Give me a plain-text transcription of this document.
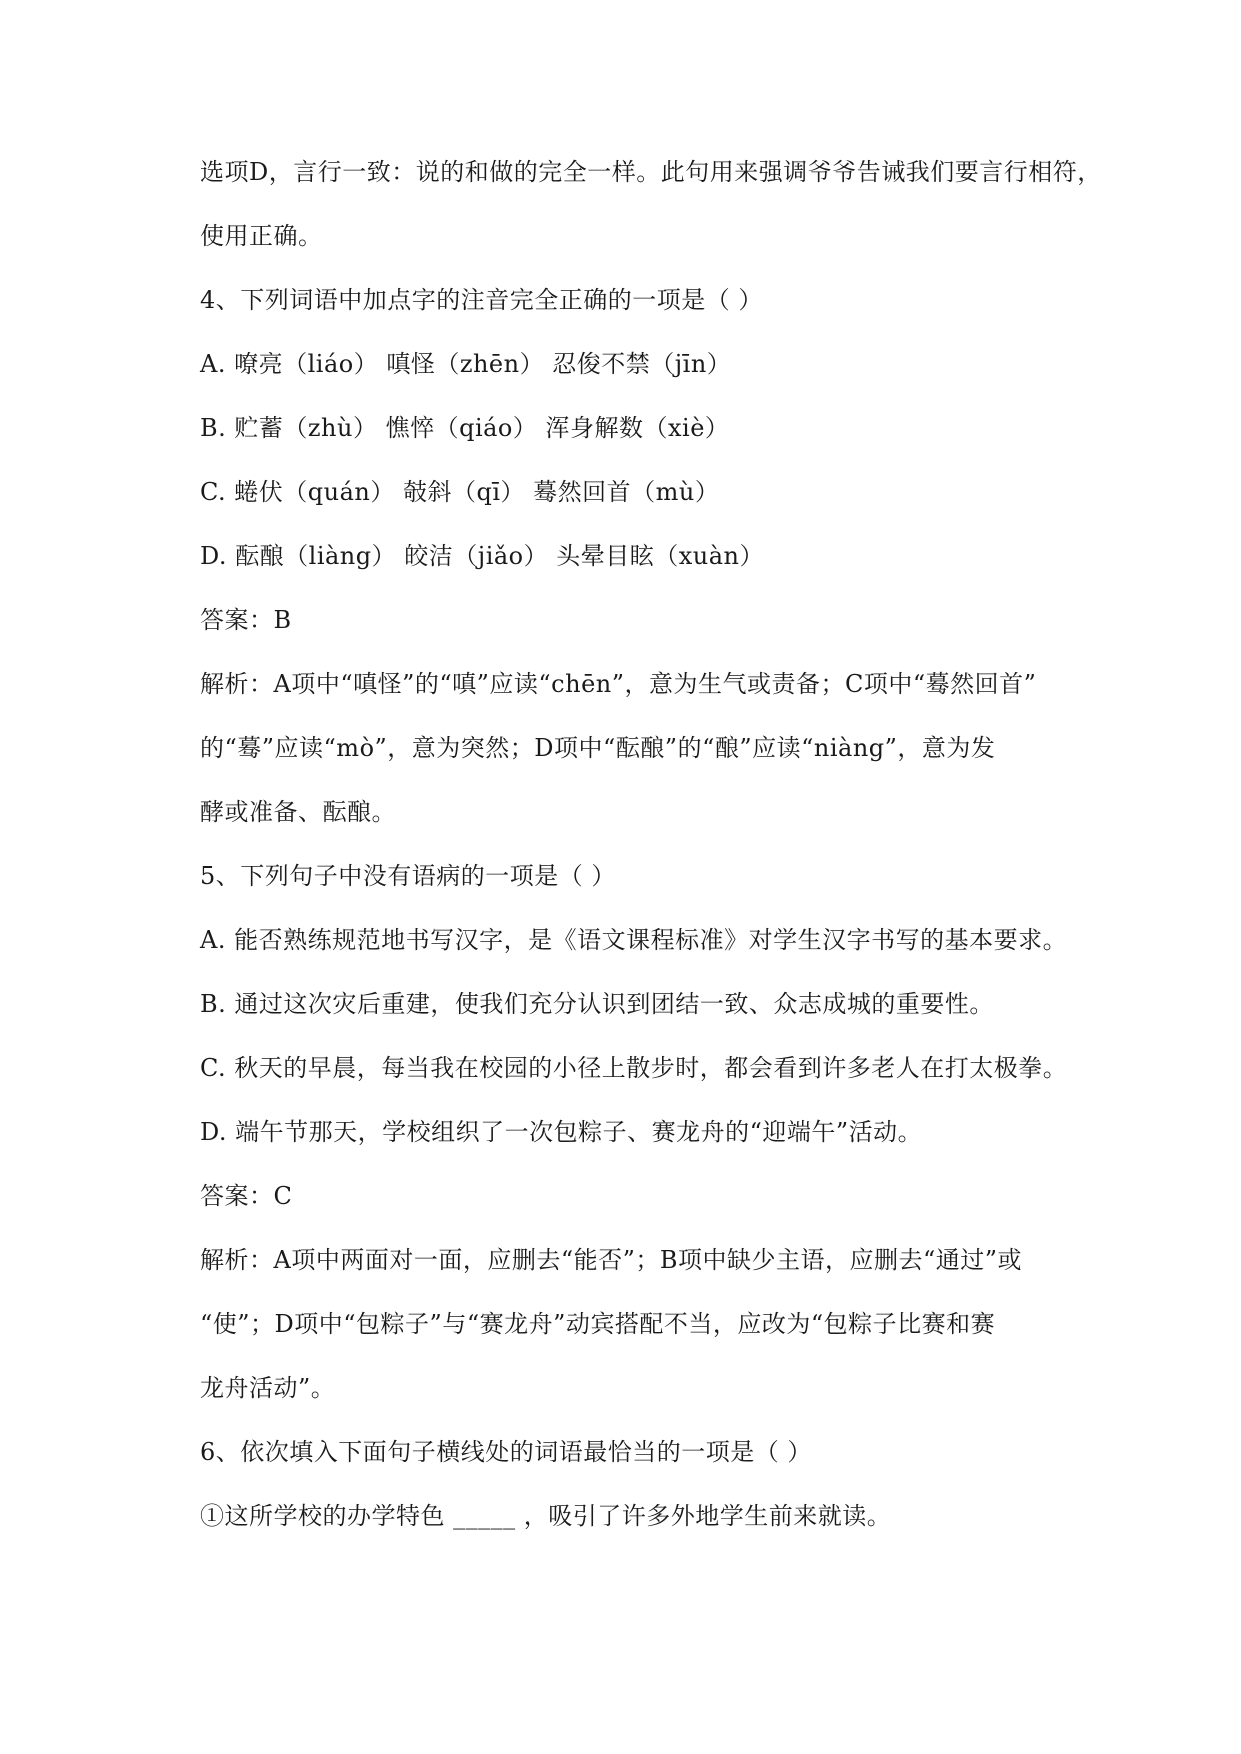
选项D，言行一致：说的和做的完全一样。此句用来强调爷爷告诫我们要言行相符，
使用正确。
4、下列词语中加点字的注音完全正确的一项是（ ）
A. 嘹亮（liáo） 嗔怪（zhēn） 忍俊不禁（jīn）
B. 贮蓄（zhù） 憔悴（qiáo） 浑身解数（xiè）
C. 蜷伏（quán） 攲斜（qī） 蓦然回首（mù）
D. 酝酿（liàng） 皎洁（jiǎo） 头晕目眩（xuàn）
答案：B
解析：A项中“嗔怪”的“嗔”应读“chēn”，意为生气或责备；C项中“蓦然回首”
的“蓦”应读“mò”，意为突然；D项中“酝酿”的“酿”应读“niàng”，意为发
酵或准备、酝酿。
5、下列句子中没有语病的一项是（ ）
A. 能否熟练规范地书写汉字，是《语文课程标准》对学生汉字书写的基本要求。
B. 通过这次灾后重建，使我们充分认识到团结一致、众志成城的重要性。
C. 秋天的早晨，每当我在校园的小径上散步时，都会看到许多老人在打太极拳。
D. 端午节那天，学校组织了一次包粽子、赛龙舟的“迎端午”活动。
答案：C
解析：A项中两面对一面，应删去“能否”；B项中缺少主语，应删去“通过”或
“使”；D项中“包粽子”与“赛龙舟”动宾搭配不当，应改为“包粽子比赛和赛
龙舟活动”。
6、依次填入下面句子横线处的词语最恰当的一项是（ ）
①这所学校的办学特色 _____ ，吸引了许多外地学生前来就读。
